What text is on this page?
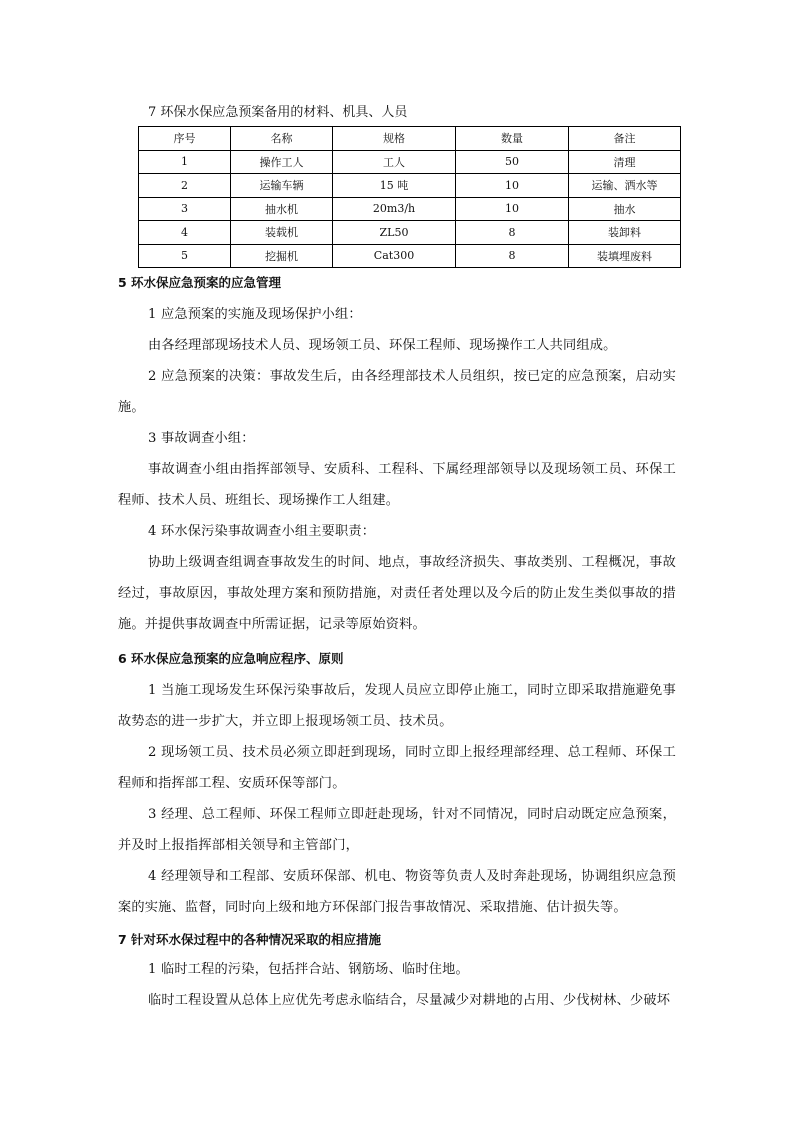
7 环保水保应急预案备用的材料、机具、人员
序号	名称	规格	数量	备注
1	操作工人	工人	50	清理
2	运输车辆	15 吨	10	运输、洒水等
3	抽水机	20m3/h	10	抽水
4	装载机	ZL50	8	装卸料
5	挖掘机	Cat300	8	装填埋废料
5 环水保应急预案的应急管理
1 应急预案的实施及现场保护小组：
由各经理部现场技术人员、现场领工员、环保工程师、现场操作工人共同组成。
2 应急预案的决策：事故发生后，由各经理部技术人员组织，按已定的应急预案，启动实施。
3 事故调查小组：
事故调查小组由指挥部领导、安质科、工程科、下属经理部领导以及现场领工员、环保工程师、技术人员、班组长、现场操作工人组建。
4 环水保污染事故调查小组主要职责：
协助上级调查组调查事故发生的时间、地点，事故经济损失、事故类别、工程概况，事故经过，事故原因，事故处理方案和预防措施，对责任者处理以及今后的防止发生类似事故的措施。并提供事故调查中所需证据，记录等原始资料。
6 环水保应急预案的应急响应程序、原则
1 当施工现场发生环保污染事故后，发现人员应立即停止施工，同时立即采取措施避免事故势态的进一步扩大，并立即上报现场领工员、技术员。
2 现场领工员、技术员必须立即赶到现场，同时立即上报经理部经理、总工程师、环保工程师和指挥部工程、安质环保等部门。
3 经理、总工程师、环保工程师立即赶赴现场，针对不同情况，同时启动既定应急预案，并及时上报指挥部相关领导和主管部门，
4 经理领导和工程部、安质环保部、机电、物资等负责人及时奔赴现场，协调组织应急预案的实施、监督，同时向上级和地方环保部门报告事故情况、采取措施、估计损失等。
7 针对环水保过程中的各种情况采取的相应措施
1 临时工程的污染，包括拌合站、钢筋场、临时住地。
临时工程设置从总体上应优先考虑永临结合，尽量减少对耕地的占用、少伐树林、少破坏
